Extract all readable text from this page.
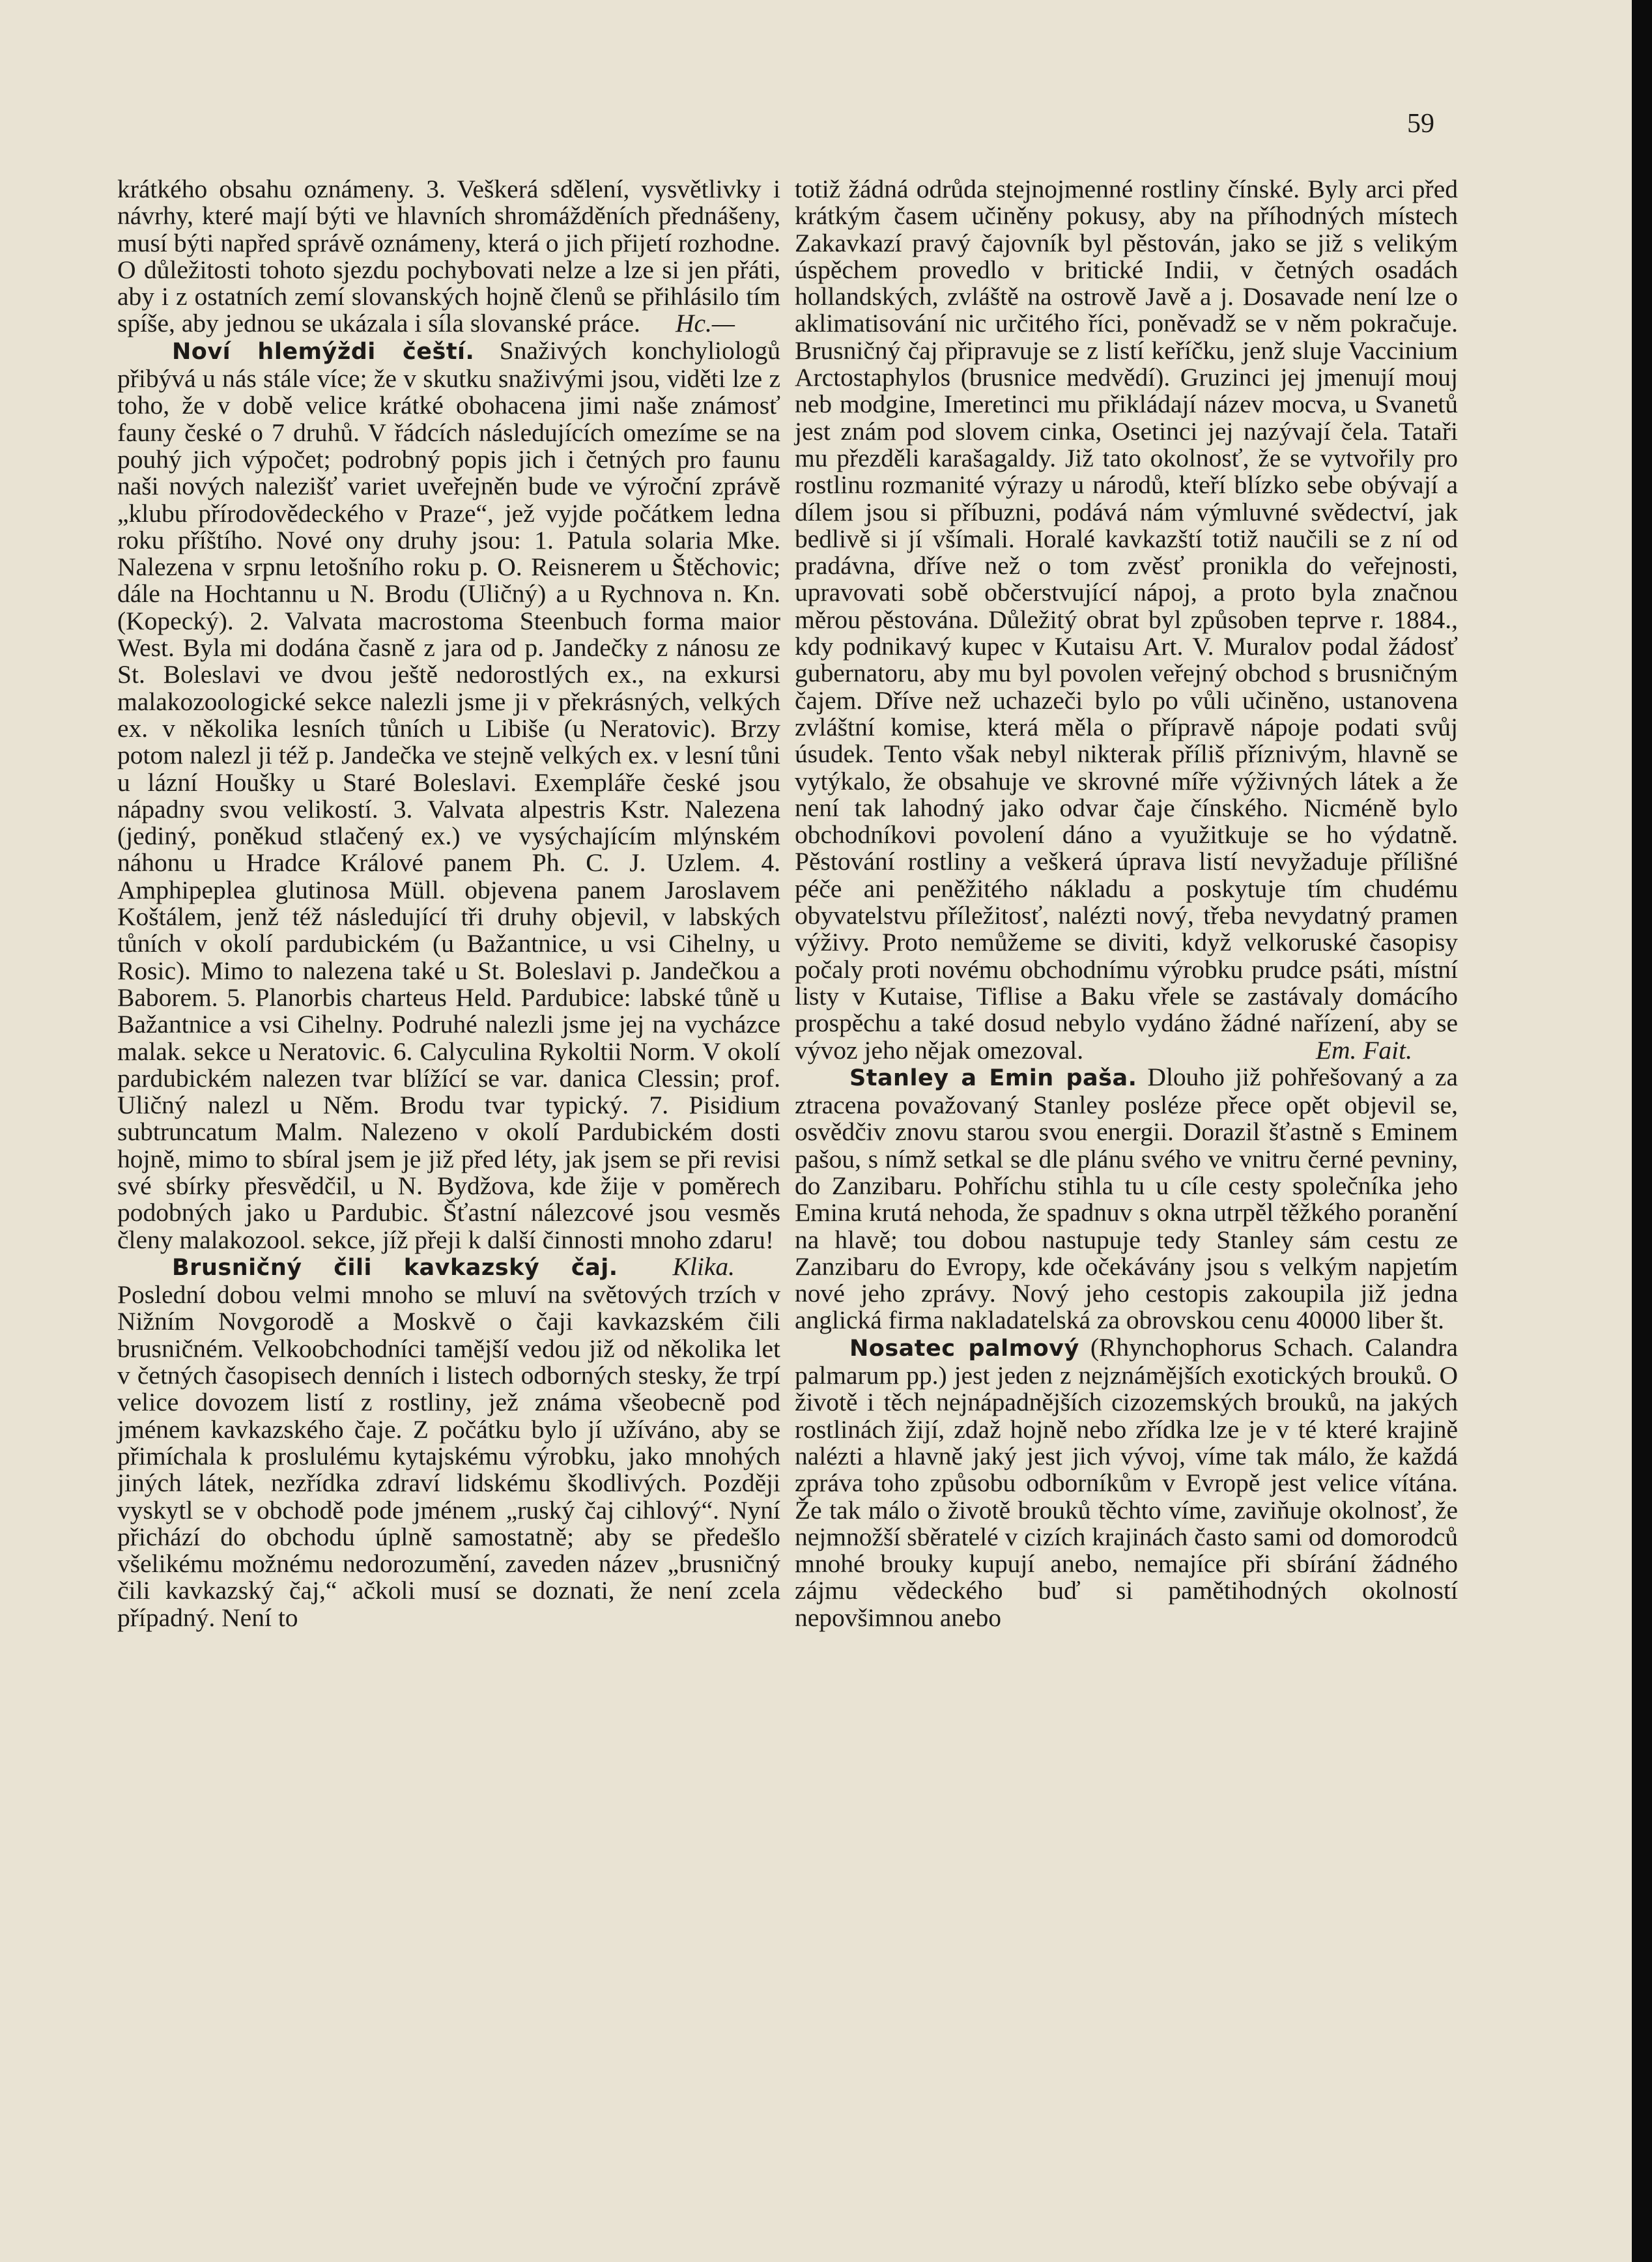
59

krátkého obsahu oznámeny. 3. Veškerá sdělení, vysvětlivky i návrhy, které mají býti ve hlavních shromážděních přednášeny, musí býti napřed správě oznámeny, která o jich přijetí rozhodne. O důležitosti tohoto sjezdu pochybovati nelze a lze si jen přáti, aby i z ostatních zemí slovanských hojně členů se přihlásilo tím spíše, aby jednou se ukázala i síla slovanské práce. Hc.—

Noví hlemýždi čeští. Snaživých konchyliologů přibývá u nás stále více; že v skutku snaživými jsou, viděti lze z toho, že v době velice krátké obohacena jimi naše známosť fauny české o 7 druhů. V řádcích následujících omezíme se na pouhý jich výpočet; podrobný popis jich i četných pro faunu naši nových nalezišť variet uveřejněn bude ve výroční zprávě „klubu přírodovědeckého v Praze“, jež vyjde počátkem ledna roku příštího. Nové ony druhy jsou: 1. Patula solaria Mke. Nalezena v srpnu letošního roku p. O. Reisnerem u Štěchovic; dále na Hochtannu u N. Brodu (Uličný) a u Rychnova n. Kn. (Kopecký). 2. Valvata macrostoma Steenbuch forma maior West. Byla mi dodána časně z jara od p. Jandečky z nánosu ze St. Boleslavi ve dvou ještě nedorostlých ex., na exkursi malakozoologické sekce nalezli jsme ji v překrásných, velkých ex. v několika lesních tůních u Libiše (u Neratovic). Brzy potom nalezl ji též p. Jandečka ve stejně velkých ex. v lesní tůni u lázní Houšky u Staré Boleslavi. Exempláře české jsou nápadny svou velikostí. 3. Valvata alpestris Kstr. Nalezena (jediný, poněkud stlačený ex.) ve vysýchajícím mlýnském náhonu u Hradce Králové panem Ph. C. J. Uzlem. 4. Amphipeplea glutinosa Müll. objevena panem Jaroslavem Koštálem, jenž též následující tři druhy objevil, v labských tůních v okolí pardubickém (u Bažantnice, u vsi Cihelny, u Rosic). Mimo to nalezena také u St. Boleslavi p. Jandečkou a Baborem. 5. Planorbis charteus Held. Pardubice: labské tůně u Bažantnice a vsi Cihelny. Podruhé nalezli jsme jej na vycházce malak. sekce u Neratovic. 6. Calyculina Rykoltii Norm. V okolí pardubickém nalezen tvar blížící se var. danica Clessin; prof. Uličný nalezl u Něm. Brodu tvar typický. 7. Pisidium subtruncatum Malm. Nalezeno v okolí Pardubickém dosti hojně, mimo to sbíral jsem je již před léty, jak jsem se při revisi své sbírky přesvědčil, u N. Bydžova, kde žije v poměrech podobných jako u Pardubic. Šťastní nálezcové jsou vesměs členy malakozool. sekce, jíž přeji k další činnosti mnoho zdaru!
Klika.

Brusničný čili kavkazský čaj. Poslední dobou velmi mnoho se mluví na světových trzích v Nižním Novgorodě a Moskvě o čaji kavkazském čili brusničném. Velkoobchodníci tamější vedou již od několika let v četných časopisech denních i listech odborných stesky, že trpí velice dovozem listí z rostliny, jež známa všeobecně pod jménem kavkazského čaje. Z počátku bylo jí užíváno, aby se přimíchala k proslulému kytajskému výrobku, jako mnohých jiných látek, nezřídka zdraví lidskému škodlivých. Později vyskytl se v obchodě pode jménem „ruský čaj cihlový“. Nyní přichází do obchodu úplně samostatně; aby se předešlo všelikému možnému nedorozumění, zaveden název „brusničný čili kavkazský čaj,“ ačkoli musí se doznati, že není zcela případný. Není to

totiž žádná odrůda stejnojmenné rostliny čínské. Byly arci před krátkým časem učiněny pokusy, aby na příhodných místech Zakavkazí pravý čajovník byl pěstován, jako se již s velikým úspěchem provedlo v britické Indii, v četných osadách hollandských, zvláště na ostrově Javě a j. Dosavade není lze o aklimatisování nic určitého říci, poněvadž se v něm pokračuje. Brusničný čaj připravuje se z listí keříčku, jenž sluje Vaccinium Arctostaphylos (brusnice medvědí). Gruzinci jej jmenují mouj neb modgine, Imeretinci mu přikládají název mocva, u Svanetů jest znám pod slovem cinka, Osetinci jej nazývají čela. Tataři mu přezděli karašagaldy. Již tato okolnosť, že se vytvořily pro rostlinu rozmanité výrazy u národů, kteří blízko sebe obývají a dílem jsou si příbuzni, podává nám výmluvné svědectví, jak bedlivě si jí všímali. Horalé kavkazští totiž naučili se z ní od pradávna, dříve než o tom zvěsť pronikla do veřejnosti, upravovati sobě občerstvující nápoj, a proto byla značnou měrou pěstována. Důležitý obrat byl způsoben teprve r. 1884., kdy podnikavý kupec v Kutaisu Art. V. Muralov podal žádosť gubernatoru, aby mu byl povolen veřejný obchod s brusničným čajem. Dříve než uchazeči bylo po vůli učiněno, ustanovena zvláštní komise, která měla o přípravě nápoje podati svůj úsudek. Tento však nebyl nikterak příliš příznivým, hlavně se vytýkalo, že obsahuje ve skrovné míře výživných látek a že není tak lahodný jako odvar čaje čínského. Nicméně bylo obchodníkovi povolení dáno a využitkuje se ho výdatně. Pěstování rostliny a veškerá úprava listí nevyžaduje přílišné péče ani peněžitého nákladu a poskytuje tím chudému obyvatelstvu příležitosť, nalézti nový, třeba nevydatný pramen výživy. Proto nemůžeme se diviti, když velkoruské časopisy počaly proti novému obchodnímu výrobku prudce psáti, místní listy v Kutaise, Tiflise a Baku vřele se zastávaly domácího prospěchu a také dosud nebylo vydáno žádné nařízení, aby se vývoz jeho nějak omezoval.	Em. Fait.

Stanley a Emin paša. Dlouho již pohřešovaný a za ztracena považovaný Stanley posléze přece opět objevil se, osvědčiv znovu starou svou energii. Dorazil šťastně s Eminem pašou, s nímž setkal se dle plánu svého ve vnitru černé pevniny, do Zanzibaru. Pohříchu stihla tu u cíle cesty společníka jeho Emina krutá nehoda, že spadnuv s okna utrpěl těžkého poranění na hlavě; tou dobou nastupuje tedy Stanley sám cestu ze Zanzibaru do Evropy, kde očekávány jsou s velkým napjetím nové jeho zprávy. Nový jeho cestopis zakoupila již jedna anglická firma nakladatelská za obrovskou cenu 40000 liber št.

Nosatec palmový (Rhynchophorus Schach. Calandra palmarum pp.) jest jeden z nejznámějších exotických brouků. O životě i těch nejnápadnějších cizozemských brouků, na jakých rostlinách žijí, zdaž hojně nebo zřídka lze je v té které krajině nalézti a hlavně jaký jest jich vývoj, víme tak málo, že každá zpráva toho způsobu odborníkům v Evropě jest velice vítána. Že tak málo o životě brouků těchto víme, zaviňuje okolnosť, že nejmnožší sběratelé v cizích krajinách často sami od domorodců mnohé brouky kupují anebo, nemajíce při sbírání žádného zájmu vědeckého buď si pamětihodných okolností nepovšimnou anebo
